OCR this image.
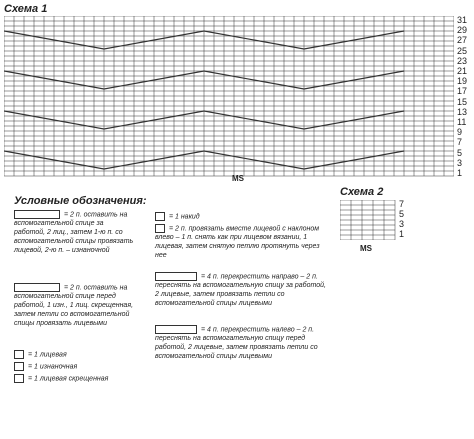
Схема 1
31
29
27
25
23
21
19
17
15
13
11
9
7
5
3
1
MS
Схема 2
7
5
3
1
MS
Условные обозначения:
= 2 п. оставить на вспомогательной спице за работой, 2 лиц., затем 1-ю п. со вспомогательной спицы провязать лицевой, 2-ю п. – изнаночной
= 2 п. оставить на вспомогательной спице перед работой, 1 изн., 1 лиц. скрещенная, затем петли со вспомогательной спицы провязать лицевыми
= 1 лицевая
= 1 изнаночная
= 1 лицевая скрещенная
= 1 накид
= 2 п. провязать вместе лицевой с наклоном влево – 1 п. снять как при лицевом вязании, 1 лицевая, затем снятую петлю протянуть через нее
= 4 п. перекрестить направо – 2 п. переснять на вспомогательную спицу за работой, 2 лицевые, затем провязать петли со вспомогательной спицы лицевыми
= 4 п. перекрестить налево – 2 п. переснять на вспомогательную спицу перед работой, 2 лицевые, затем провязать петли со вспомогательной спицы лицевыми
